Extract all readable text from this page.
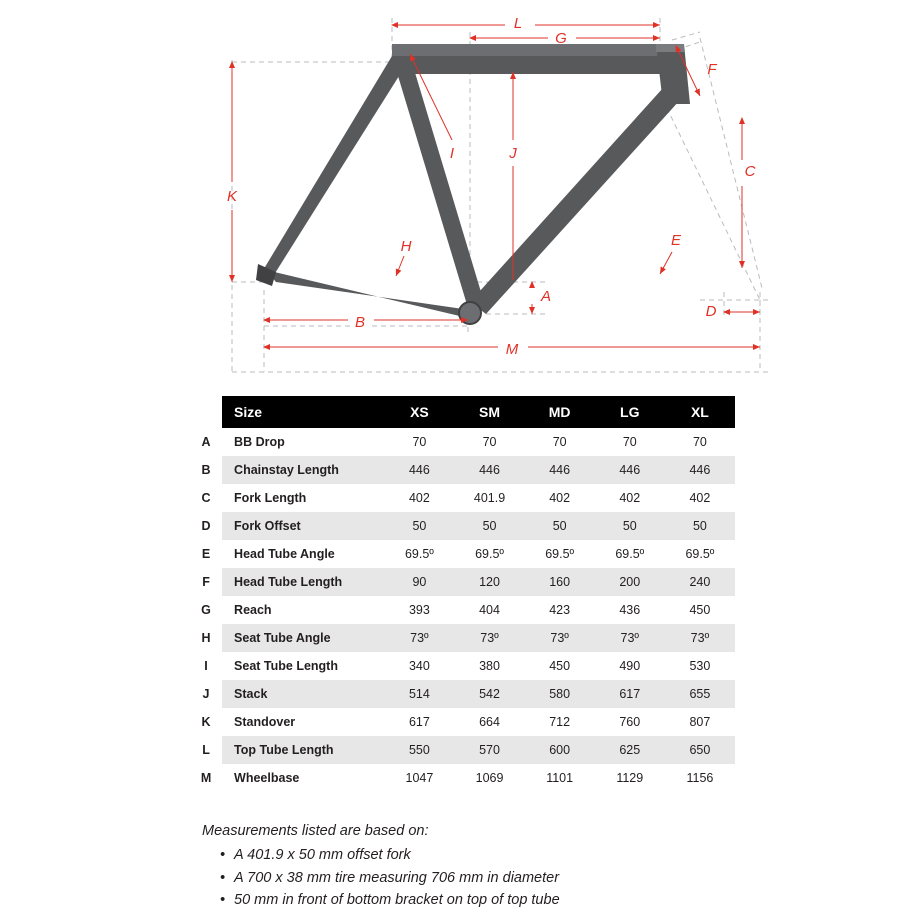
L
G
F
I	J
C
K
H	E
A
D
B
M
	Size	XS	SM	MD	LG	XL
A	BB Drop	70	70	70	70	70
B	Chainstay Length	446	446	446	446	446
C	Fork Length	402	401.9	402	402	402
D	Fork Offset	50	50	50	50	50
E	Head Tube Angle	69.5º	69.5º	69.5º	69.5º	69.5º
F	Head Tube Length	90	120	160	200	240
G	Reach	393	404	423	436	450
H	Seat Tube Angle	73º	73º	73º	73º	73º
I	Seat Tube Length	340	380	450	490	530
J	Stack	514	542	580	617	655
K	Standover	617	664	712	760	807
L	Top Tube Length	550	570	600	625	650
M	Wheelbase	1047	1069	1101	1129	1156

Measurements listed are based on:

• A 401.9 x 50 mm offset fork
• A 700 x 38 mm tire measuring 706 mm in diameter
• 50 mm in front of bottom bracket on top of top tube
